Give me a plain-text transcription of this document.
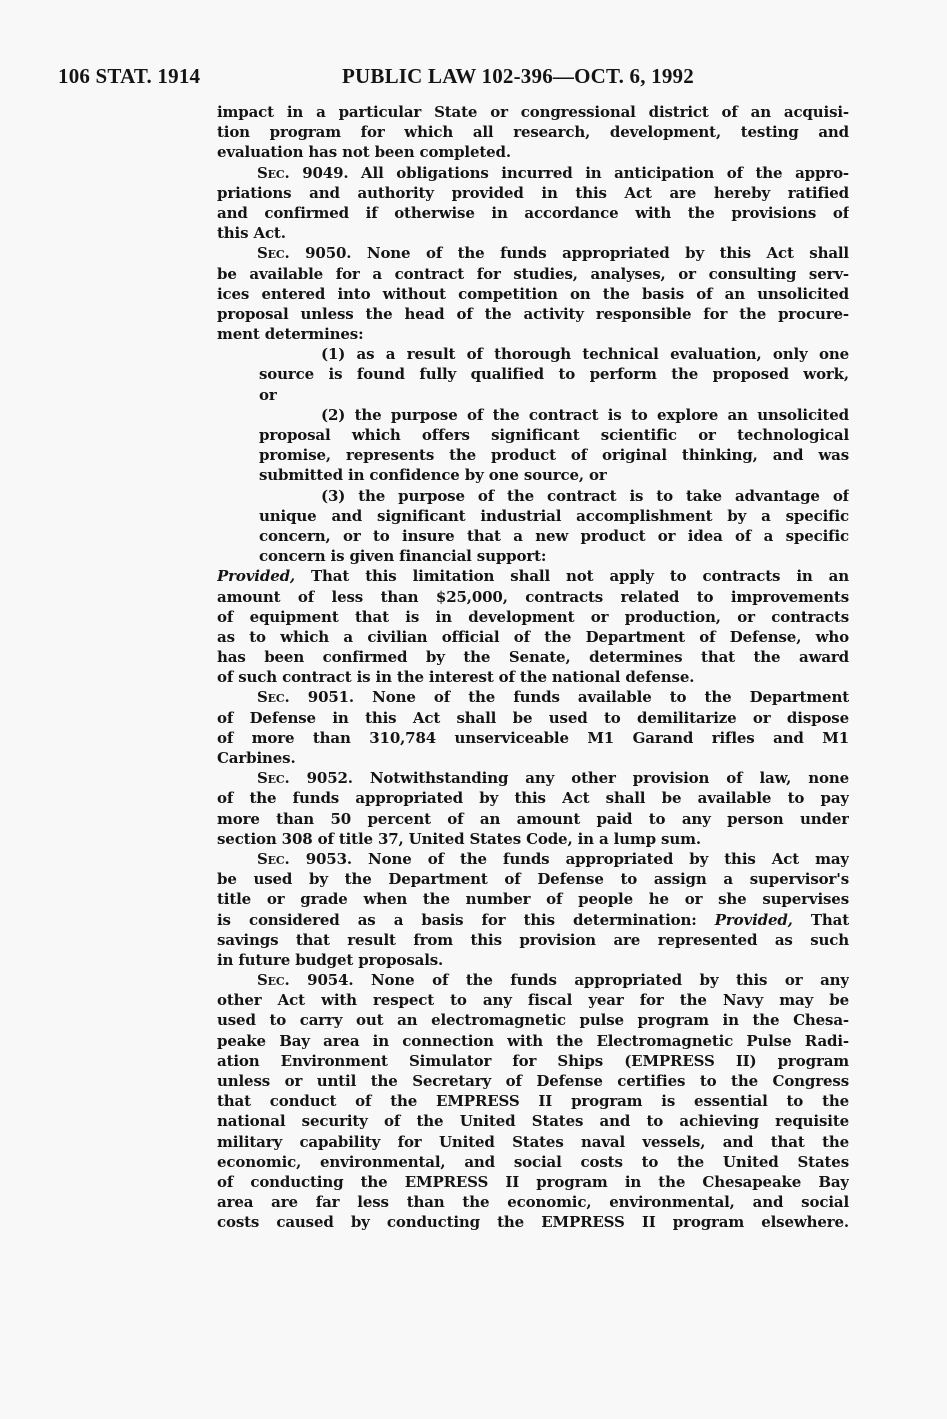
106 STAT. 1914	PUBLIC LAW 102-396—OCT. 6, 1992
impact in a particular State or congressional district of an acquisi-
tion program for which all research, development, testing and
evaluation has not been completed.
Sec. 9049. All obligations incurred in anticipation of the appro-
priations and authority provided in this Act are hereby ratified
and confirmed if otherwise in accordance with the provisions of
this Act.
Sec. 9050. None of the funds appropriated by this Act shall
be available for a contract for studies, analyses, or consulting serv-
ices entered into without competition on the basis of an unsolicited
proposal unless the head of the activity responsible for the procure-
ment determines:
(1) as a result of thorough technical evaluation, only one
source is found fully qualified to perform the proposed work,
or
(2) the purpose of the contract is to explore an unsolicited
proposal which offers significant scientific or technological
promise, represents the product of original thinking, and was
submitted in confidence by one source, or
(3) the purpose of the contract is to take advantage of
unique and significant industrial accomplishment by a specific
concern, or to insure that a new product or idea of a specific
concern is given financial support:
Provided, That this limitation shall not apply to contracts in an
amount of less than $25,000, contracts related to improvements
of equipment that is in development or production, or contracts
as to which a civilian official of the Department of Defense, who
has been confirmed by the Senate, determines that the award
of such contract is in the interest of the national defense.
Sec. 9051. None of the funds available to the Department
of Defense in this Act shall be used to demilitarize or dispose
of more than 310,784 unserviceable M1 Garand rifles and M1
Carbines.
Sec. 9052. Notwithstanding any other provision of law, none
of the funds appropriated by this Act shall be available to pay
more than 50 percent of an amount paid to any person under
section 308 of title 37, United States Code, in a lump sum.
Sec. 9053. None of the funds appropriated by this Act may
be used by the Department of Defense to assign a supervisor's
title or grade when the number of people he or she supervises
is considered as a basis for this determination: Provided, That
savings that result from this provision are represented as such
in future budget proposals.
Sec. 9054. None of the funds appropriated by this or any
other Act with respect to any fiscal year for the Navy may be
used to carry out an electromagnetic pulse program in the Chesa-
peake Bay area in connection with the Electromagnetic Pulse Radi-
ation Environment Simulator for Ships (EMPRESS II) program
unless or until the Secretary of Defense certifies to the Congress
that conduct of the EMPRESS II program is essential to the
national security of the United States and to achieving requisite
military capability for United States naval vessels, and that the
economic, environmental, and social costs to the United States
of conducting the EMPRESS II program in the Chesapeake Bay
area are far less than the economic, environmental, and social
costs caused by conducting the EMPRESS II program elsewhere.
